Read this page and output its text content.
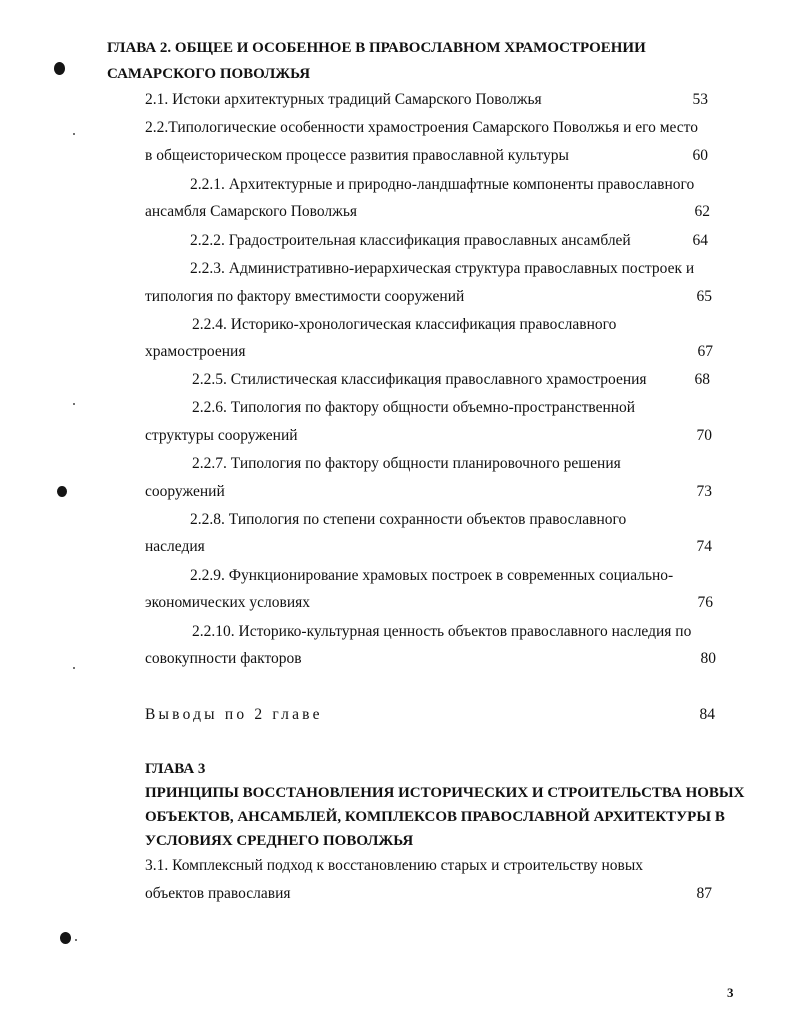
ГЛАВА 2. ОБЩЕЕ И ОСОБЕННОЕ В ПРАВОСЛАВНОМ ХРАМОСТРОЕНИИ
САМАРСКОГО ПОВОЛЖЬЯ
2.1. Истоки архитектурных традиций Самарского Поволжья	53
2.2.Типологические особенности храмостроения Самарского Поволжья и его место
в общеисторическом процессе развития православной культуры	60
2.2.1. Архитектурные и природно-ландшафтные компоненты православного
ансамбля Самарского Поволжья	62
2.2.2. Градостроительная классификация православных ансамблей	64
2.2.3. Административно-иерархическая структура православных построек и
типология по фактору вместимости сооружений	65
2.2.4. Историко-хронологическая классификация православного
храмостроения	67
2.2.5. Стилистическая классификация православного храмостроения	68
2.2.6. Типология по фактору общности объемно-пространственной
структуры сооружений	70
2.2.7. Типология по фактору общности планировочного решения
сооружений	73
2.2.8. Типология по степени сохранности объектов православного
наследия	74
2.2.9. Функционирование храмовых построек в современных социально-
экономических условиях	76
2.2.10. Историко-культурная ценность объектов православного наследия по
совокупности факторов	80
Выводы по 2 главе	84
ГЛАВА 3
ПРИНЦИПЫ ВОССТАНОВЛЕНИЯ ИСТОРИЧЕСКИХ И СТРОИТЕЛЬСТВА НОВЫХ
ОБЪЕКТОВ, АНСАМБЛЕЙ, КОМПЛЕКСОВ ПРАВОСЛАВНОЙ АРХИТЕКТУРЫ В
УСЛОВИЯХ СРЕДНЕГО ПОВОЛЖЬЯ
3.1. Комплексный подход к восстановлению старых и строительству новых
объектов православия	87
3
